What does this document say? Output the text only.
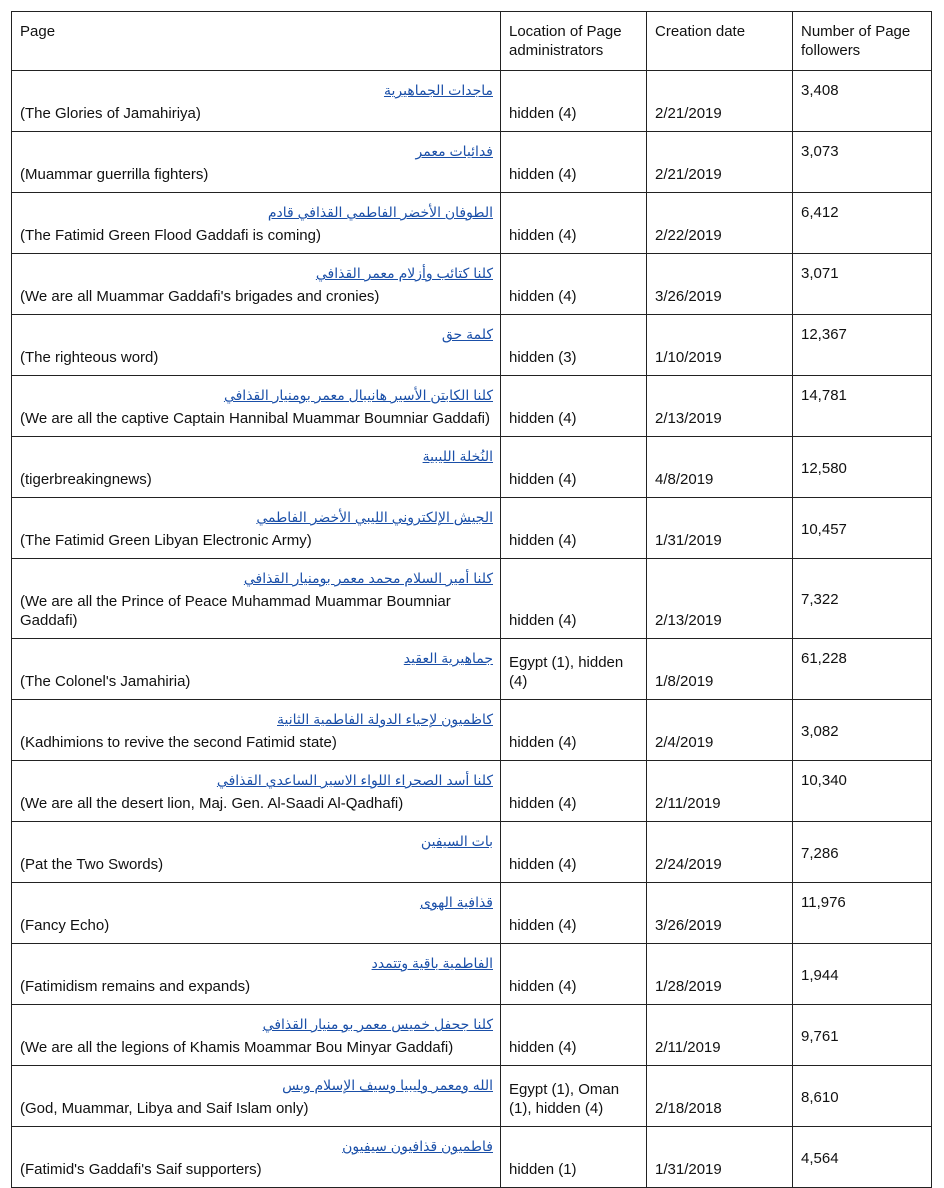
Page	Location of Page administrators	Creation date	Number of Page followers

ماجدات الجماهيرية
(The Glories of Jamahiriya)	hidden (4)	2/21/2019	3,408

فدائيات معمر
(Muammar guerrilla fighters)	hidden (4)	2/21/2019	3,073

الطوفان الأخضر الفاطمي القذافي قادم
(The Fatimid Green Flood Gaddafi is coming)	hidden (4)	2/22/2019	6,412

كلنا كتائب وأزلام معمر القذافي
(We are all Muammar Gaddafi's brigades and cronies)	hidden (4)	3/26/2019	3,071

كلمة حق
(The righteous word)	hidden (3)	1/10/2019	12,367

كلنا الكابتن الأسير هانيبال معمر بومنيار القذافي
(We are all the captive Captain Hannibal Muammar Boumniar Gaddafi)	hidden (4)	2/13/2019	14,781

النُخلة الليبية
(tigerbreakingnews)	hidden (4)	4/8/2019	12,580

الجيش الإلكتروني الليبي الأخضر الفاطمي
(The Fatimid Green Libyan Electronic Army)	hidden (4)	1/31/2019	10,457

كلنا أمير السلام محمد معمر بومنيار القذافي
(We are all the Prince of Peace Muhammad Muammar Boumniar Gaddafi)	hidden (4)	2/13/2019	7,322

جماهيرية العقيد
(The Colonel's Jamahiria)	Egypt (1), hidden (4)	1/8/2019	61,228

كاظميون لإحياء الدولة الفاطمية الثانية
(Kadhimions to revive the second Fatimid state)	hidden (4)	2/4/2019	3,082

كلنا أسد الصحراء اللواء الاسير الساعدي القذافي
(We are all the desert lion, Maj. Gen. Al-Saadi Al-Qadhafi)	hidden (4)	2/11/2019	10,340

بات السيفين
(Pat the Two Swords)	hidden (4)	2/24/2019	7,286

قذافية الهوى
(Fancy Echo)	hidden (4)	3/26/2019	11,976

الفاطمية باقية وتتمدد
(Fatimidism remains and expands)	hidden (4)	1/28/2019	1,944

كلنا جحفل خميس معمر بو منيار القذافي
(We are all the legions of Khamis Moammar Bou Minyar Gaddafi)	hidden (4)	2/11/2019	9,761

الله ومعمر وليبيا وسيف الإسلام وبس
(God, Muammar, Libya and Saif Islam only)	Egypt (1), Oman (1), hidden (4)	2/18/2018	8,610

فاطميون قذافيون سيفيون
(Fatimid's Gaddafi's Saif supporters)	hidden (1)	1/31/2019	4,564
